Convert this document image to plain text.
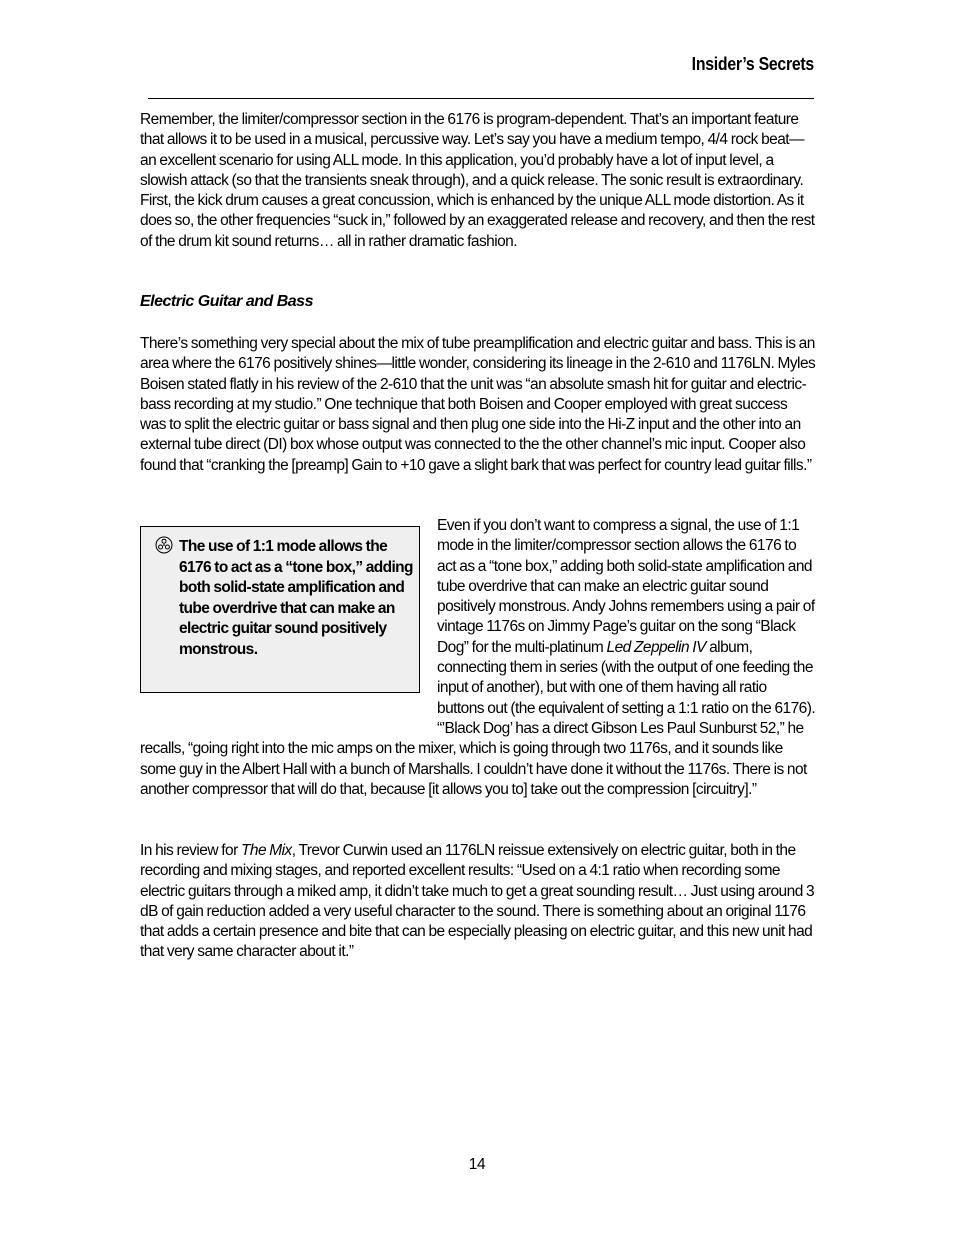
Insider’s Secrets

Remember, the limiter/compressor section in the 6176 is program-dependent. That’s an important feature that allows it to be used in a musical, percussive way. Let’s say you have a medium tempo, 4/4 rock beat—an excellent scenario for using ALL mode. In this application, you’d probably have a lot of input level, a slowish attack (so that the transients sneak through), and a quick release. The sonic result is extraordinary. First, the kick drum causes a great concussion, which is enhanced by the unique ALL mode distortion. As it does so, the other frequencies “suck in,” followed by an exaggerated release and recovery, and then the rest of the drum kit sound returns… all in rather dramatic fashion.

Electric Guitar and Bass

There’s something very special about the mix of tube preamplification and electric guitar and bass. This is an area where the 6176 positively shines—little wonder, considering its lineage in the 2-610 and 1176LN. Myles Boisen stated flatly in his review of the 2-610 that the unit was “an absolute smash hit for guitar and electric-bass recording at my studio.” One technique that both Boisen and Cooper employed with great success was to split the electric guitar or bass signal and then plug one side into the Hi-Z input and the other into an external tube direct (DI) box whose output was connected to the the other channel’s mic input. Cooper also found that “cranking the [preamp] Gain to +10 gave a slight bark that was perfect for country lead guitar fills.”

Even if you don’t want to compress a signal, the use of 1:1 mode in the limiter/compressor section allows the 6176 to act as a “tone box,” adding both solid-state amplification and tube overdrive that can make an electric guitar sound positively monstrous. Andy Johns remembers using a pair of vintage 1176s on Jimmy Page’s guitar on the song “Black Dog” for the multi-platinum Led Zeppelin IV album, connecting them in series (with the output of one feeding the input of another), but with one of them having all ratio buttons out (the equivalent of setting a 1:1 ratio on the 6176). “’Black Dog’ has a direct Gibson Les Paul Sunburst 52,” he recalls, “going right into the mic amps on the mixer, which is going through two 1176s, and it sounds like some guy in the Albert Hall with a bunch of Marshalls. I couldn’t have done it without the 1176s. There is not another compressor that will do that, because [it allows you to] take out the compression [circuitry].”

The use of 1:1 mode allows the 6176 to act as a “tone box,” adding both solid-state amplification and tube overdrive that can make an electric guitar sound positively monstrous.

In his review for The Mix, Trevor Curwin used an 1176LN reissue extensively on electric guitar, both in the recording and mixing stages, and reported excellent results: “Used on a 4:1 ratio when recording some electric guitars through a miked amp, it didn’t take much to get a great sounding result… Just using around 3 dB of gain reduction added a very useful character to the sound. There is something about an original 1176 that adds a certain presence and bite that can be especially pleasing on electric guitar, and this new unit had that very same character about it.”

14
